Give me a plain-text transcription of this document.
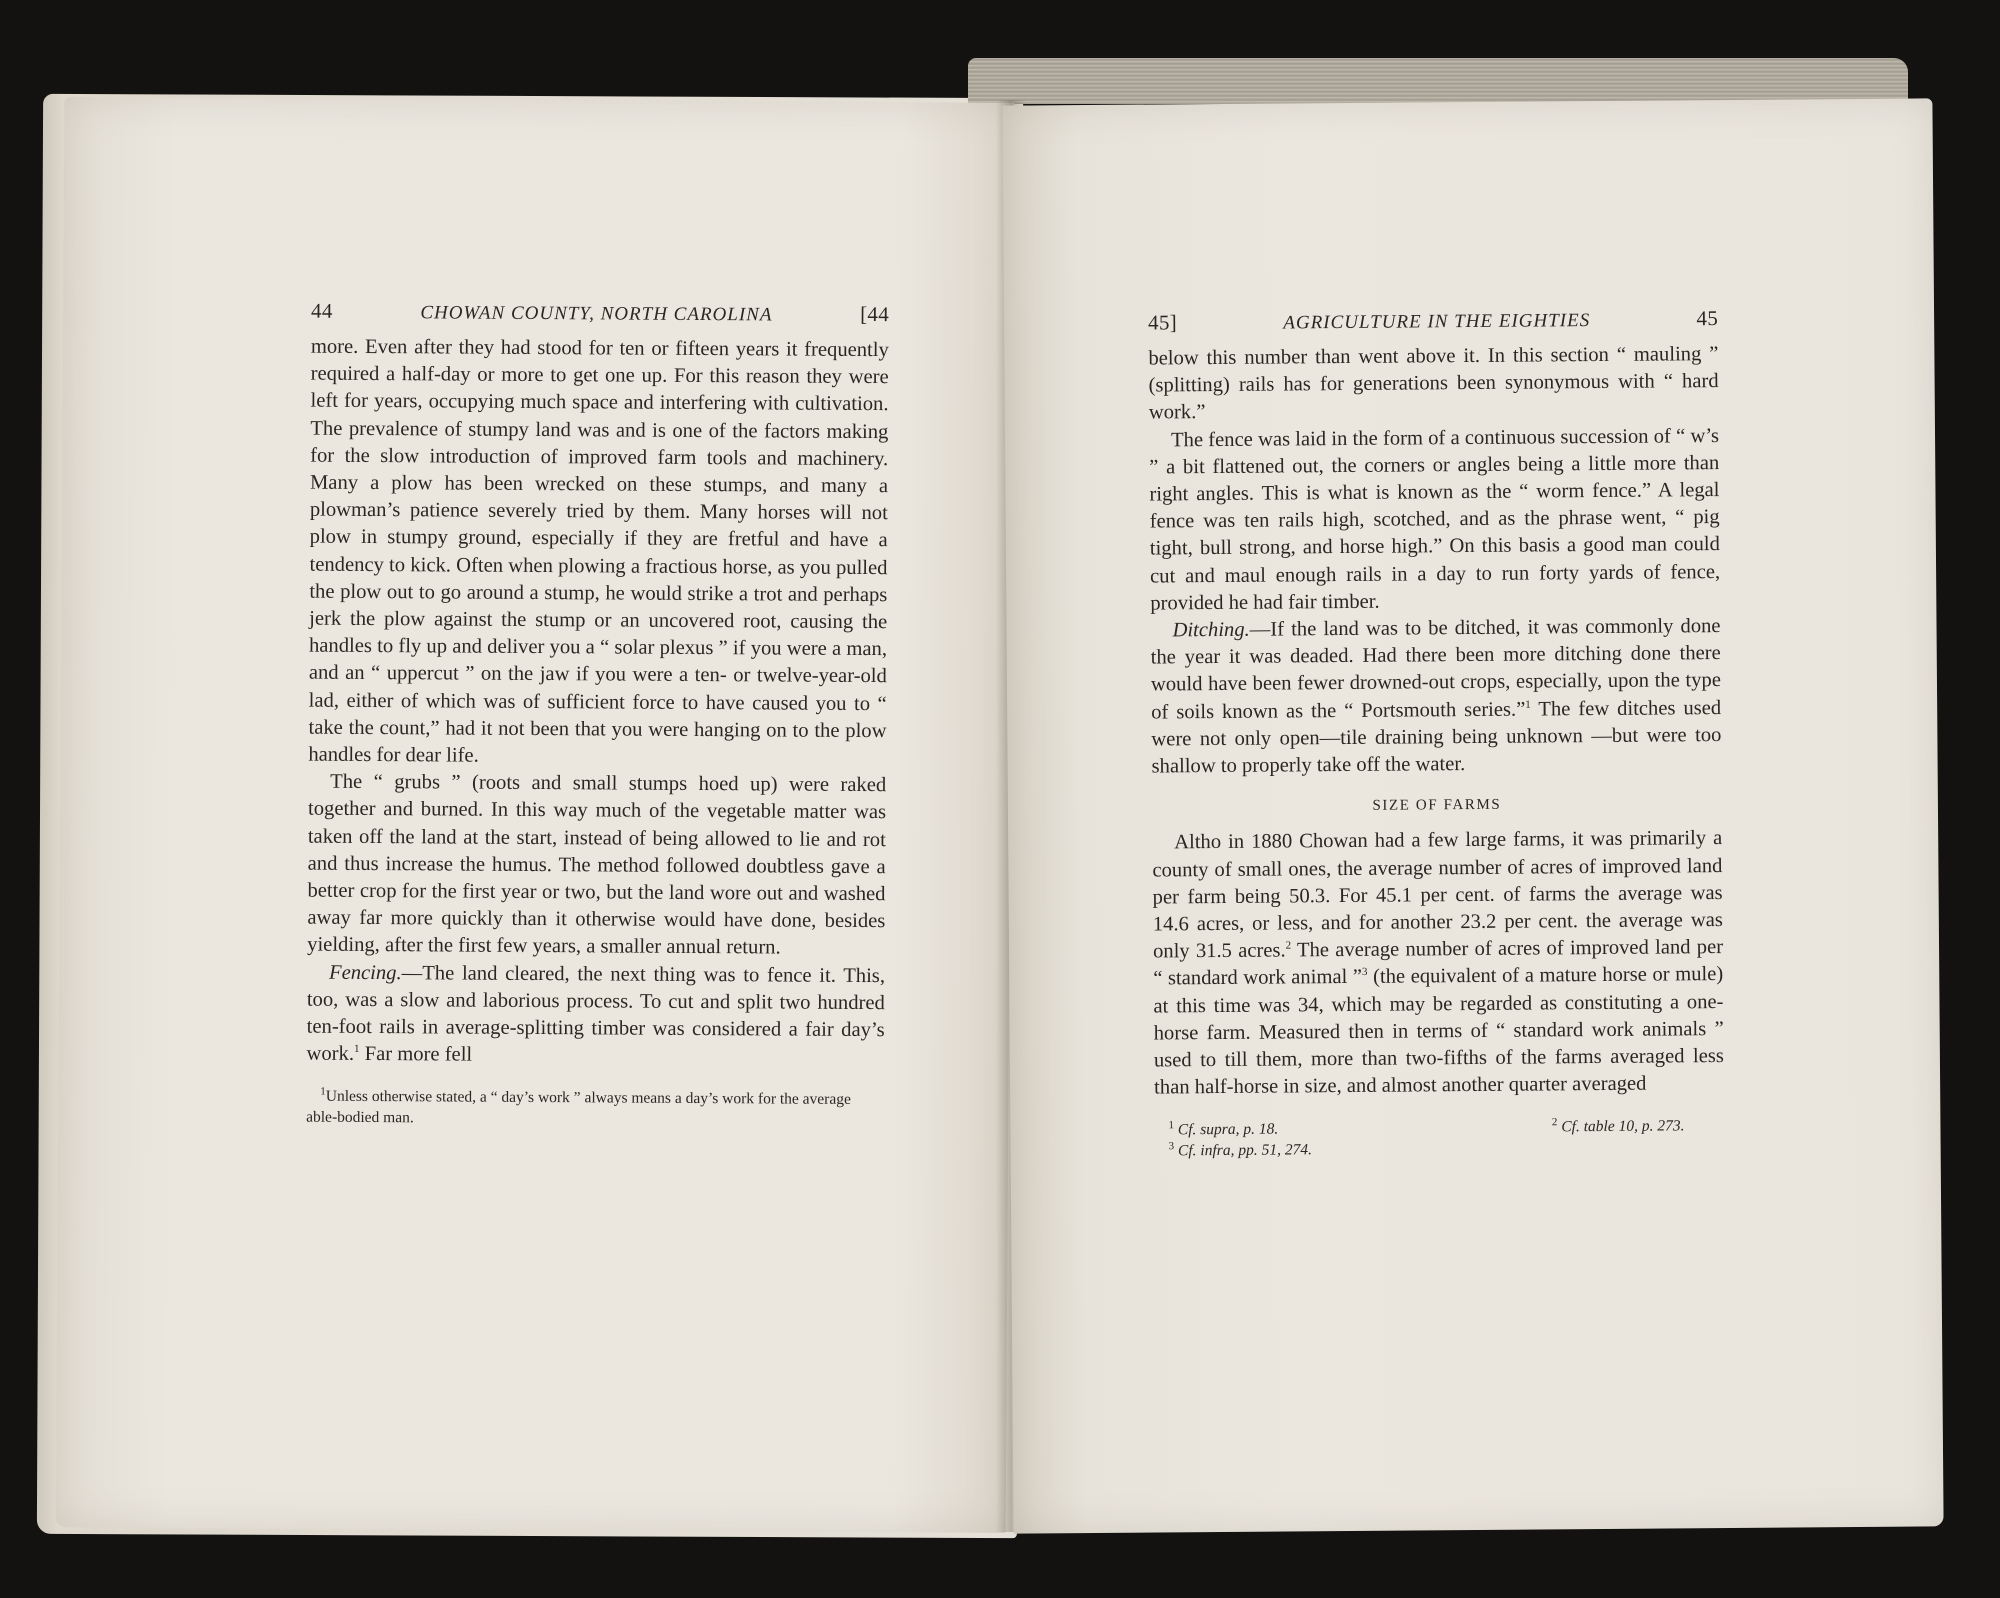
44	CHOWAN COUNTY, NORTH CAROLINA	[44

more. Even after they had stood for ten or fifteen years it frequently required a half-day or more to get one up. For this reason they were left for years, occupying much space and interfering with cultivation. The prevalence of stumpy land was and is one of the factors making for the slow introduction of improved farm tools and machinery. Many a plow has been wrecked on these stumps, and many a plowman’s patience severely tried by them. Many horses will not plow in stumpy ground, especially if they are fretful and have a tendency to kick. Often when plowing a fractious horse, as you pulled the plow out to go around a stump, he would strike a trot and perhaps jerk the plow against the stump or an uncovered root, causing the handles to fly up and deliver you a “ solar plexus ” if you were a man, and an “ uppercut ” on the jaw if you were a ten- or twelve-year-old lad, either of which was of sufficient force to have caused you to “ take the count,” had it not been that you were hanging on to the plow handles for dear life.

The “ grubs ” (roots and small stumps hoed up) were raked together and burned. In this way much of the vegetable matter was taken off the land at the start, instead of being allowed to lie and rot and thus increase the humus. The method followed doubtless gave a better crop for the first year or two, but the land wore out and washed away far more quickly than it otherwise would have done, besides yielding, after the first few years, a smaller annual return.

Fencing.—The land cleared, the next thing was to fence it. This, too, was a slow and laborious process. To cut and split two hundred ten-foot rails in average-splitting timber was considered a fair day’s work.$^1$ Far more fell

$^1$Unless otherwise stated, a “ day’s work ” always means a day’s work for the average able-bodied man.
45]	AGRICULTURE IN THE EIGHTIES	45

below this number than went above it. In this section “ mauling ” (splitting) rails has for generations been synonymous with “ hard work.”

The fence was laid in the form of a continuous succession of “ w’s ” a bit flattened out, the corners or angles being a little more than right angles. This is what is known as the “ worm fence.” A legal fence was ten rails high, scotched, and as the phrase went, “ pig tight, bull strong, and horse high.” On this basis a good man could cut and maul enough rails in a day to run forty yards of fence, provided he had fair timber.

Ditching.—If the land was to be ditched, it was commonly done the year it was deaded. Had there been more ditching done there would have been fewer drowned-out crops, especially, upon the type of soils known as the “ Portsmouth series.”$^1$ The few ditches used were not only open—tile draining being unknown —but were too shallow to properly take off the water.

SIZE OF FARMS

Altho in 1880 Chowan had a few large farms, it was primarily a county of small ones, the average number of acres of improved land per farm being 50.3. For 45.1 per cent. of farms the average was 14.6 acres, or less, and for another 23.2 per cent. the average was only 31.5 acres.$^2$ The average number of acres of improved land per “ standard work animal ”$^3$ (the equivalent of a mature horse or mule) at this time was 34, which may be regarded as constituting a one-horse farm. Measured then in terms of “ standard work animals ” used to till them, more than two-fifths of the farms averaged less than half-horse in size, and almost another quarter averaged

$^1$ Cf. supra, p. 18.	$^2$ Cf. table 10, p. 273.
$^3$ Cf. infra, pp. 51, 274.
